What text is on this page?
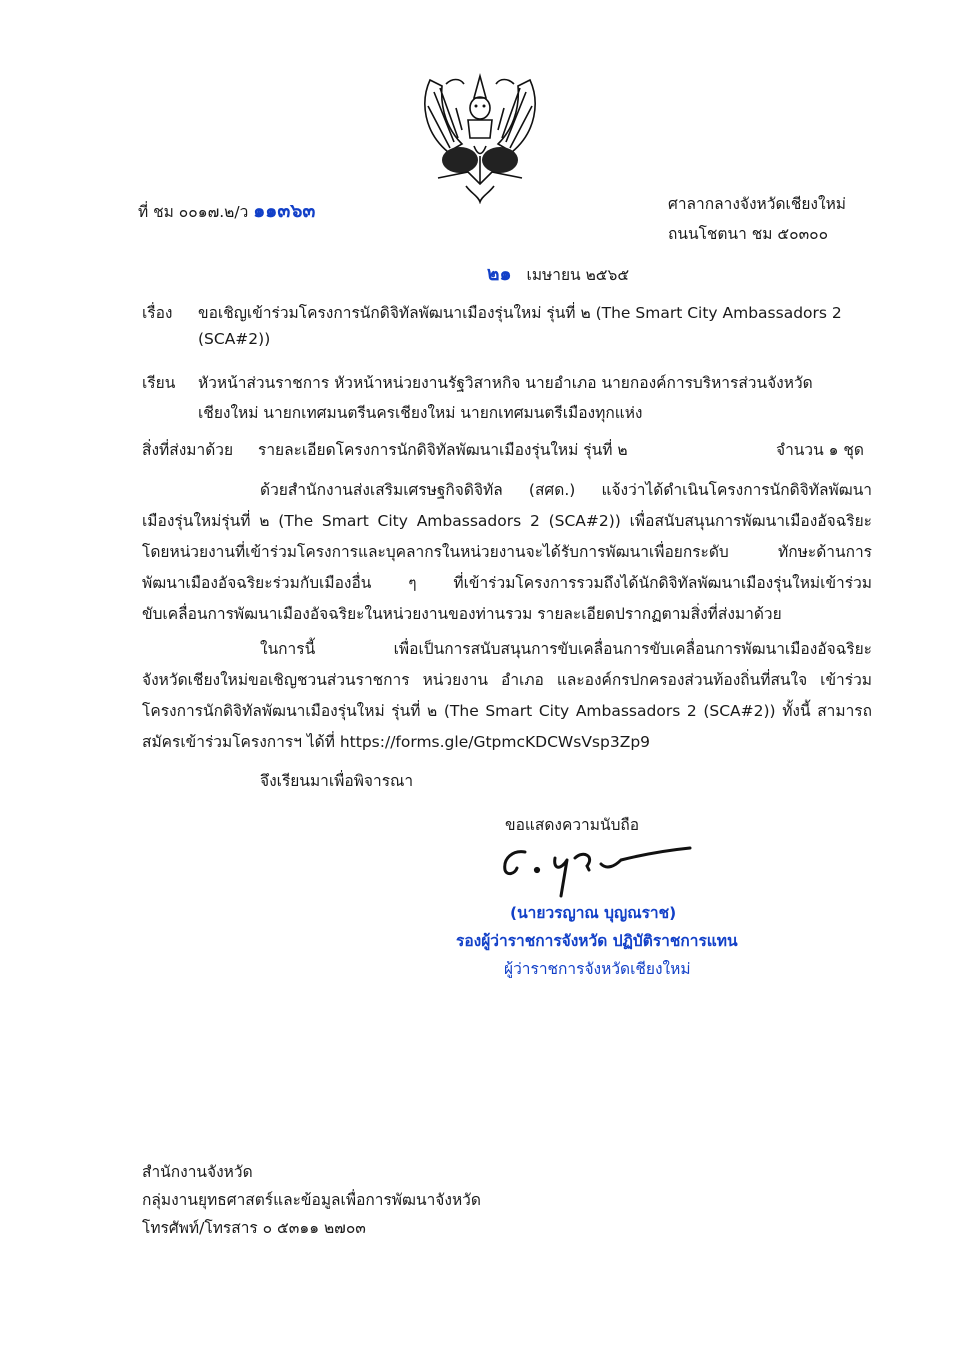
ที่ ชม ๐๐๑๗.๒/ว ๑๑๓๖๓	ศาลากลางจังหวัดเชียงใหม่
ถนนโชตนา ชม ๕๐๓๐๐
๒๑ เมษายน ๒๕๖๕
เรื่อง ขอเชิญเข้าร่วมโครงการนักดิจิทัลพัฒนาเมืองรุ่นใหม่ รุ่นที่ ๒ (The Smart City Ambassadors 2
(SCA#2))
เรียน หัวหน้าส่วนราชการ หัวหน้าหน่วยงานรัฐวิสาหกิจ นายอำเภอ นายกองค์การบริหารส่วนจังหวัด
เชียงใหม่ นายกเทศมนตรีนครเชียงใหม่ นายกเทศมนตรีเมืองทุกแห่ง
สิ่งที่ส่งมาด้วย รายละเอียดโครงการนักดิจิทัลพัฒนาเมืองรุ่นใหม่ รุ่นที่ ๒	จำนวน ๑ ชุด
ด้วยสำนักงานส่งเสริมเศรษฐกิจดิจิทัล (สศด.) แจ้งว่าได้ดำเนินโครงการนักดิจิทัลพัฒนา
เมืองรุ่นใหม่รุ่นที่ ๒ (The Smart City Ambassadors 2 (SCA#2)) เพื่อสนับสนุนการพัฒนาเมืองอัจฉริยะ
โดยหน่วยงานที่เข้าร่วมโครงการและบุคลากรในหน่วยงานจะได้รับการพัฒนาเพื่อยกระดับ ทักษะด้านการ
พัฒนาเมืองอัจฉริยะร่วมกับเมืองอื่น ๆ ที่เข้าร่วมโครงการรวมถึงได้นักดิจิทัลพัฒนาเมืองรุ่นใหม่เข้าร่วม
ขับเคลื่อนการพัฒนาเมืองอัจฉริยะในหน่วยงานของท่านรวม รายละเอียดปรากฏตามสิ่งที่ส่งมาด้วย
ในการนี้ เพื่อเป็นการสนับสนุนการขับเคลื่อนการขับเคลื่อนการพัฒนาเมืองอัจฉริยะ
จังหวัดเชียงใหม่ขอเชิญชวนส่วนราชการ หน่วยงาน อำเภอ และองค์กรปกครองส่วนท้องถิ่นที่สนใจ เข้าร่วม
โครงการนักดิจิทัลพัฒนาเมืองรุ่นใหม่ รุ่นที่ ๒ (The Smart City Ambassadors 2 (SCA#2)) ทั้งนี้ สามารถ
สมัครเข้าร่วมโครงการฯ ได้ที่ https://forms.gle/GtpmcKDCWsVsp3Zp9
จึงเรียนมาเพื่อพิจารณา
ขอแสดงความนับถือ
(นายวรญาณ บุญณราช)
รองผู้ว่าราชการจังหวัด ปฏิบัติราชการแทน
ผู้ว่าราชการจังหวัดเชียงใหม่
สำนักงานจังหวัด
กลุ่มงานยุทธศาสตร์และข้อมูลเพื่อการพัฒนาจังหวัด
โทรศัพท์/โทรสาร ๐ ๕๓๑๑ ๒๗๐๓
